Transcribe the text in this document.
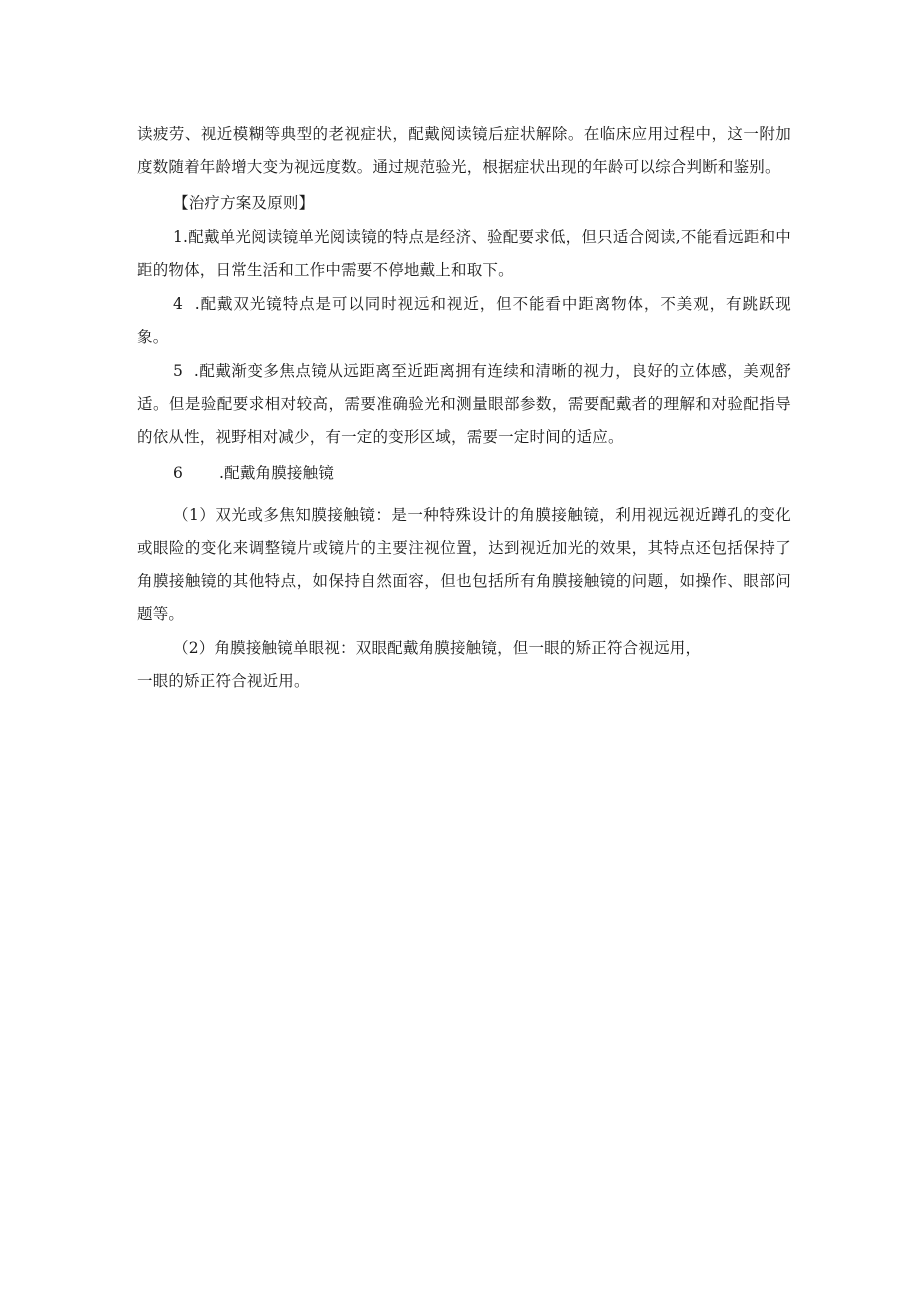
读疲劳、视近模糊等典型的老视症状，配戴阅读镜后症状解除。在临床应用过程中，这一附加度数随着年龄增大变为视远度数。通过规范验光，根据症状出现的年龄可以综合判断和鉴别。

【治疗方案及原则】

1.配戴单光阅读镜单光阅读镜的特点是经济、验配要求低，但只适合阅读,不能看远距和中距的物体，日常生活和工作中需要不停地戴上和取下。

4 .配戴双光镜特点是可以同时视远和视近，但不能看中距离物体，不美观，有跳跃现象。

5 .配戴渐变多焦点镜从远距离至近距离拥有连续和清晰的视力，良好的立体感，美观舒适。但是验配要求相对较高，需要准确验光和测量眼部参数，需要配戴者的理解和对验配指导的依从性，视野相对减少，有一定的变形区域，需要一定时间的适应。

6 .配戴角膜接触镜

（1）双光或多焦知膜接触镜：是一种特殊设计的角膜接触镜，利用视远视近蹲孔的变化或眼险的变化来调整镜片或镜片的主要注视位置，达到视近加光的效果，其特点还包括保持了角膜接触镜的其他特点，如保持自然面容，但也包括所有角膜接触镜的问题，如操作、眼部问题等。

（2）角膜接触镜单眼视：双眼配戴角膜接触镜，但一眼的矫正符合视远用，
一眼的矫正符合视近用。
